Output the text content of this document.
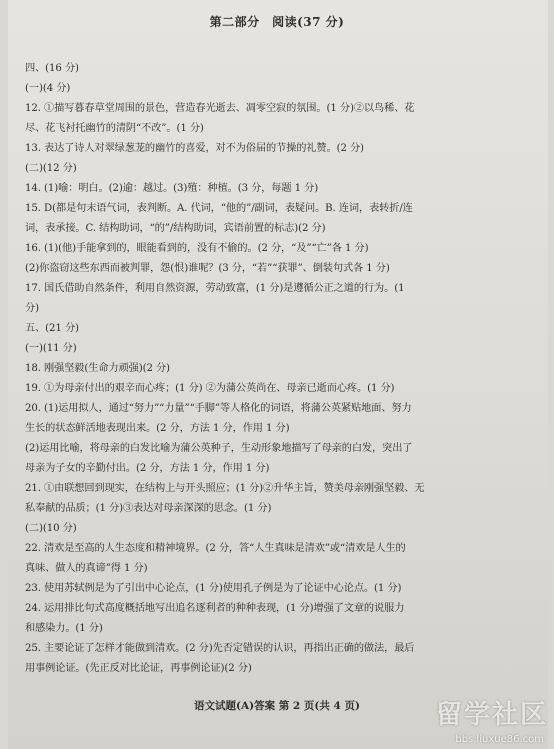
第二部分　阅读(37 分)
四、(16 分)
(一)(4 分)
12. ①描写暮春草堂周围的景色，营造春光逝去、凋零空寂的氛围。(1 分)②以鸟稀、花
尽、花飞衬托幽竹的清阴“不改”。(1 分)
13. 表达了诗人对翠绿葱茏的幽竹的喜爱，对不为俗届的节操的礼赞。(2 分)
(二)(12 分)
14. (1)喻：明白。(2)逾：越过。(3)殖：种植。(3 分，每题 1 分)
15. D(都是句末语气词，表判断。A. 代词，“他的”/副词，表疑问。B. 连词，表转折/连
词，表承接。C. 结构助词，“的”/结构助词，宾语前置的标志)(2 分)
16. (1)(他)手能拿到的，眼能看到的，没有不偷的。(2 分，“及”“亡”各 1 分)
(2)你盗窃这些东西而被判罪，怨(恨)谁呢？(3 分，“若”“获罪”、倒装句式各 1 分)
17. 国氏借助自然条件，利用自然资源，劳动致富，(1 分)是遵循公正之道的行为。(1
分)
五、(21 分)
(一)(11 分)
18. 刚强坚毅(生命力顽强)(2 分)
19. ①为母亲付出的艰辛而心疼；(1 分) ②为蒲公英尚在、母亲已逝而心疼。(1 分)
20. (1)运用拟人，通过“努力”“力量”“手脚”等人格化的词语，将蒲公英紧贴地面、努力
生长的状态鲜活地表现出来。(2 分，方法 1 分，作用 1 分)
(2)运用比喻，将母亲的白发比喻为蒲公英种子，生动形象地描写了母亲的白发，突出了
母亲为子女的辛勤付出。(2 分，方法 1 分，作用 1 分)
21. ①由联想回到现实，在结构上与开头照应；(1 分)②升华主旨，赞美母亲刚强坚毅、无
私奉献的品质；(1 分)③表达对母亲深深的思念。(1 分)
(二)(10 分)
22. 清欢是至高的人生态度和精神境界。(2 分，答“人生真味是清欢”或“清欢是人生的
真味、做人的真谛”得 1 分)
23. 使用苏轼例是为了引出中心论点，(1 分)使用孔子例是为了论证中心论点。(1 分)
24. 运用排比句式高度概括地写出追名逐利者的种种表现，(1 分)增强了文章的说服力
和感染力。(1 分)
25. 主要论证了怎样才能做到清欢。(2 分)先否定错误的认识，再指出正确的做法，最后
用事例论证。(先正反对比论证，再事例论证)(2 分)
语文试题(A)答案 第 2 页(共 4 页)	留学社区
bbs.liuxue86.com
